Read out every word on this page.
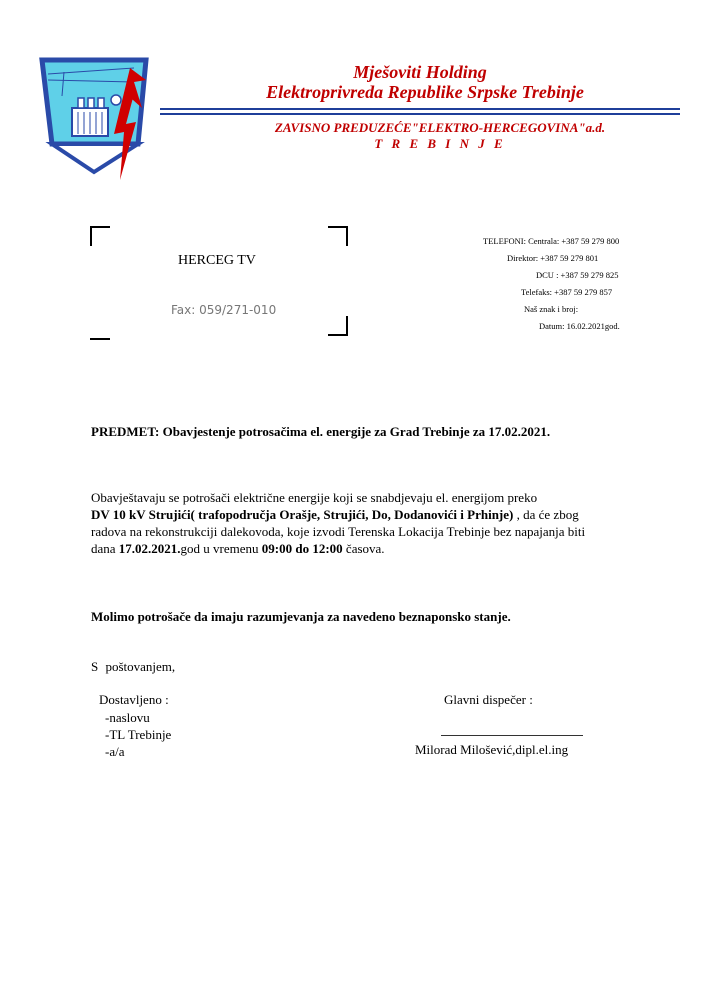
Mješoviti Holding
Elektroprivreda Republike Srpske Trebinje
ZAVISNO PREDUZEĆE"ELEKTRO-HERCEGOVINA"a.d.
T R E B I N J E
HERCEG TV
Fax: 059/271-010
TELEFONI: Centrala: +387 59 279 800
Direktor: +387 59 279 801
DCU : +387 59 279 825
Telefaks: +387 59 279 857
Naš znak i broj:
Datum: 16.02.2021god.
PREDMET: Obavjestenje potrosačima el. energije za Grad Trebinje za 17.02.2021.
Obavještavaju se potrošači električne energije koji se snabdjevaju el. energijom preko
DV 10 kV Strujići( trafopodručja Orašje, Strujići, Do, Dodanovići i Prhinje) , da će zbog
radova na rekonstrukciji dalekovoda, koje izvodi Terenska Lokacija Trebinje bez napajanja biti
dana 17.02.2021.god u vremenu 09:00 do 12:00 časova.
Molimo potrošače da imaju razumjevanja za navedeno beznaponsko stanje.
S poštovanjem,
Dostavljeno :
-naslovu
-TL Trebinje
-a/a
Glavni dispečer :
Milorad Milošević,dipl.el.ing
